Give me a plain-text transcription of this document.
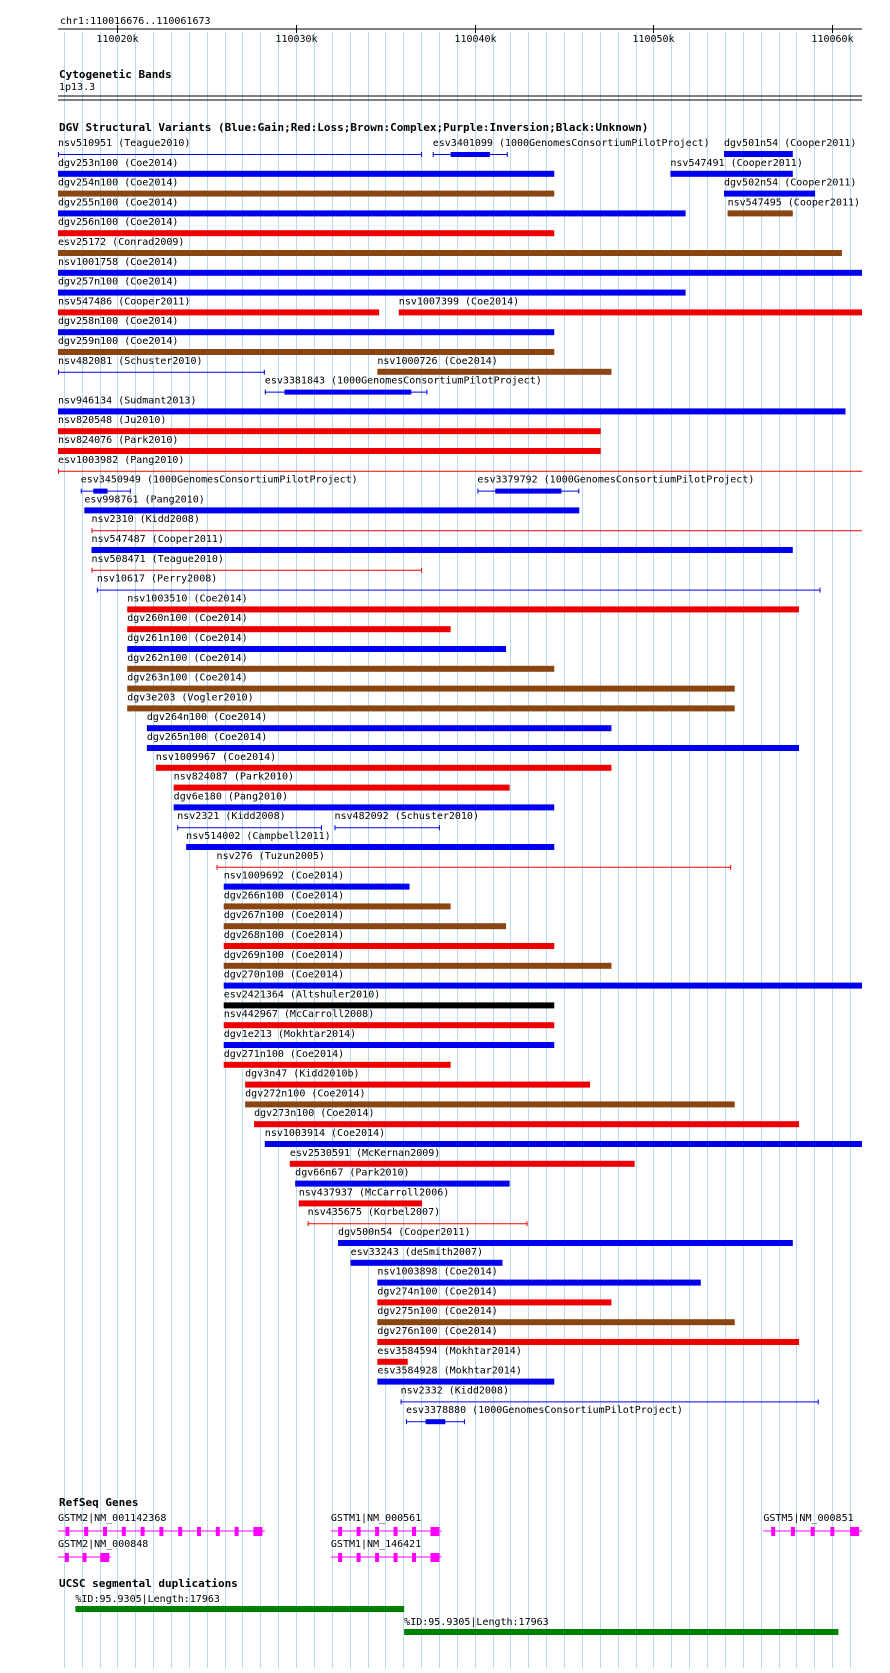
chr1:110016676..110061673
110020k	110030k	110040k	110050k	110060k
Cytogenetic Bands
1p13.3
DGV Structural Variants (Blue:Gain;Red:Loss;Brown:Complex;Purple:Inversion;Black:Unknown)
nsv510951 (Teague2010)	esv3401099 (1000GenomesConsortiumPilotProject) dgv501n54 (Cooper2011)
dgv253n100 (Coe2014)	nsv547491 (Cooper2011)
dgv254n100 (Coe2014)	dgv502n54 (Cooper2011)
dgv255n100 (Coe2014)	nsv547495 (Cooper2011)
dgv256n100 (Coe2014)
esv25172 (Conrad2009)
nsv1001758 (Coe2014)
dgv257n100 (Coe2014)
nsv547486 (Cooper2011)	nsv1007399 (Coe2014)
dgv258n100 (Coe2014)
dgv259n100 (Coe2014)
nsv482081 (Schuster2010)
esv3381843 (1000GenomesConsortiumPilotProject)
nsv946134 (Sudmant2013)
nsv820548 (Ju2010)
nsv824076 (Park2010)
esv1003982 (Pang2010)
esv3450949 (1000GenomesConsortiumPilotProject)
nsv1000726 (Coe2014)
esv998761 (Pang2010)
nsv2310 (Kidd2008)
nsv547487 (Cooper2011)
nsv508471 (Teague2010)
esv3379792 (1000GenomesConsortiumPilotProject)
nsv10617 (Perry2008)
nsv1003510 (Coe2014)
dgv260n100 (Coe2014)
dgv261n100 (Coe2014)
dgv262n100 (Coe2014)
dgv263n100 (Coe2014)
dgv3e203 (Vogler2010)
dgv264n100 (Coe2014)
dgv265n100 (Coe2014)
nsv1009967 (Coe2014)
nsv824087 (Park2010)
dgv6e180 (Pang2010)
nsv2321 (Kidd2008)	nsv482092 (Schuster2010)
nsv514002 (Campbell2011)
nsv276 (Tuzun2005)
nsv1009692 (Coe2014)
dgv266n100 (Coe2014)
dgv267n100 (Coe2014)
dgv268n100 (Coe2014)
dgv269n100 (Coe2014)
dgv270n100 (Coe2014)
esv2421364 (Altshuler2010)
nsv442967 (McCarroll2008)
dgv1e213 (Mokhtar2014)
dgv271n100 (Coe2014)
dgv3n47 (Kidd2010b)
dgv272n100 (Coe2014)
dgv273n100 (Coe2014)
nsv1003914 (Coe2014)
esv2530591 (McKernan2009)
dgv66n67 (Park2010)
nsv437937 (McCarroll2006)
nsv435675 (Korbel2007)
dgv500n54 (Cooper2011)
esv33243 (deSmith2007)
nsv1003898 (Coe2014)
dgv274n100 (Coe2014)
dgv275n100 (Coe2014)
dgv276n100 (Coe2014)
esv3584594 (Mokhtar2014)
esv3584928 (Mokhtar2014)
nsv2332 (Kidd2008)
esv3378880 (1000GenomesConsortiumPilotProject)
RefSeq Genes
GSTM2|NM_001142368	GSTM1|NM_000561	GSTM5|NM_000851
GSTM2|NM_000848	GSTM1|NM_146421
UCSC segmental duplications
%ID:95.9305|Length:17963
%ID:95.9305|Length:17963
